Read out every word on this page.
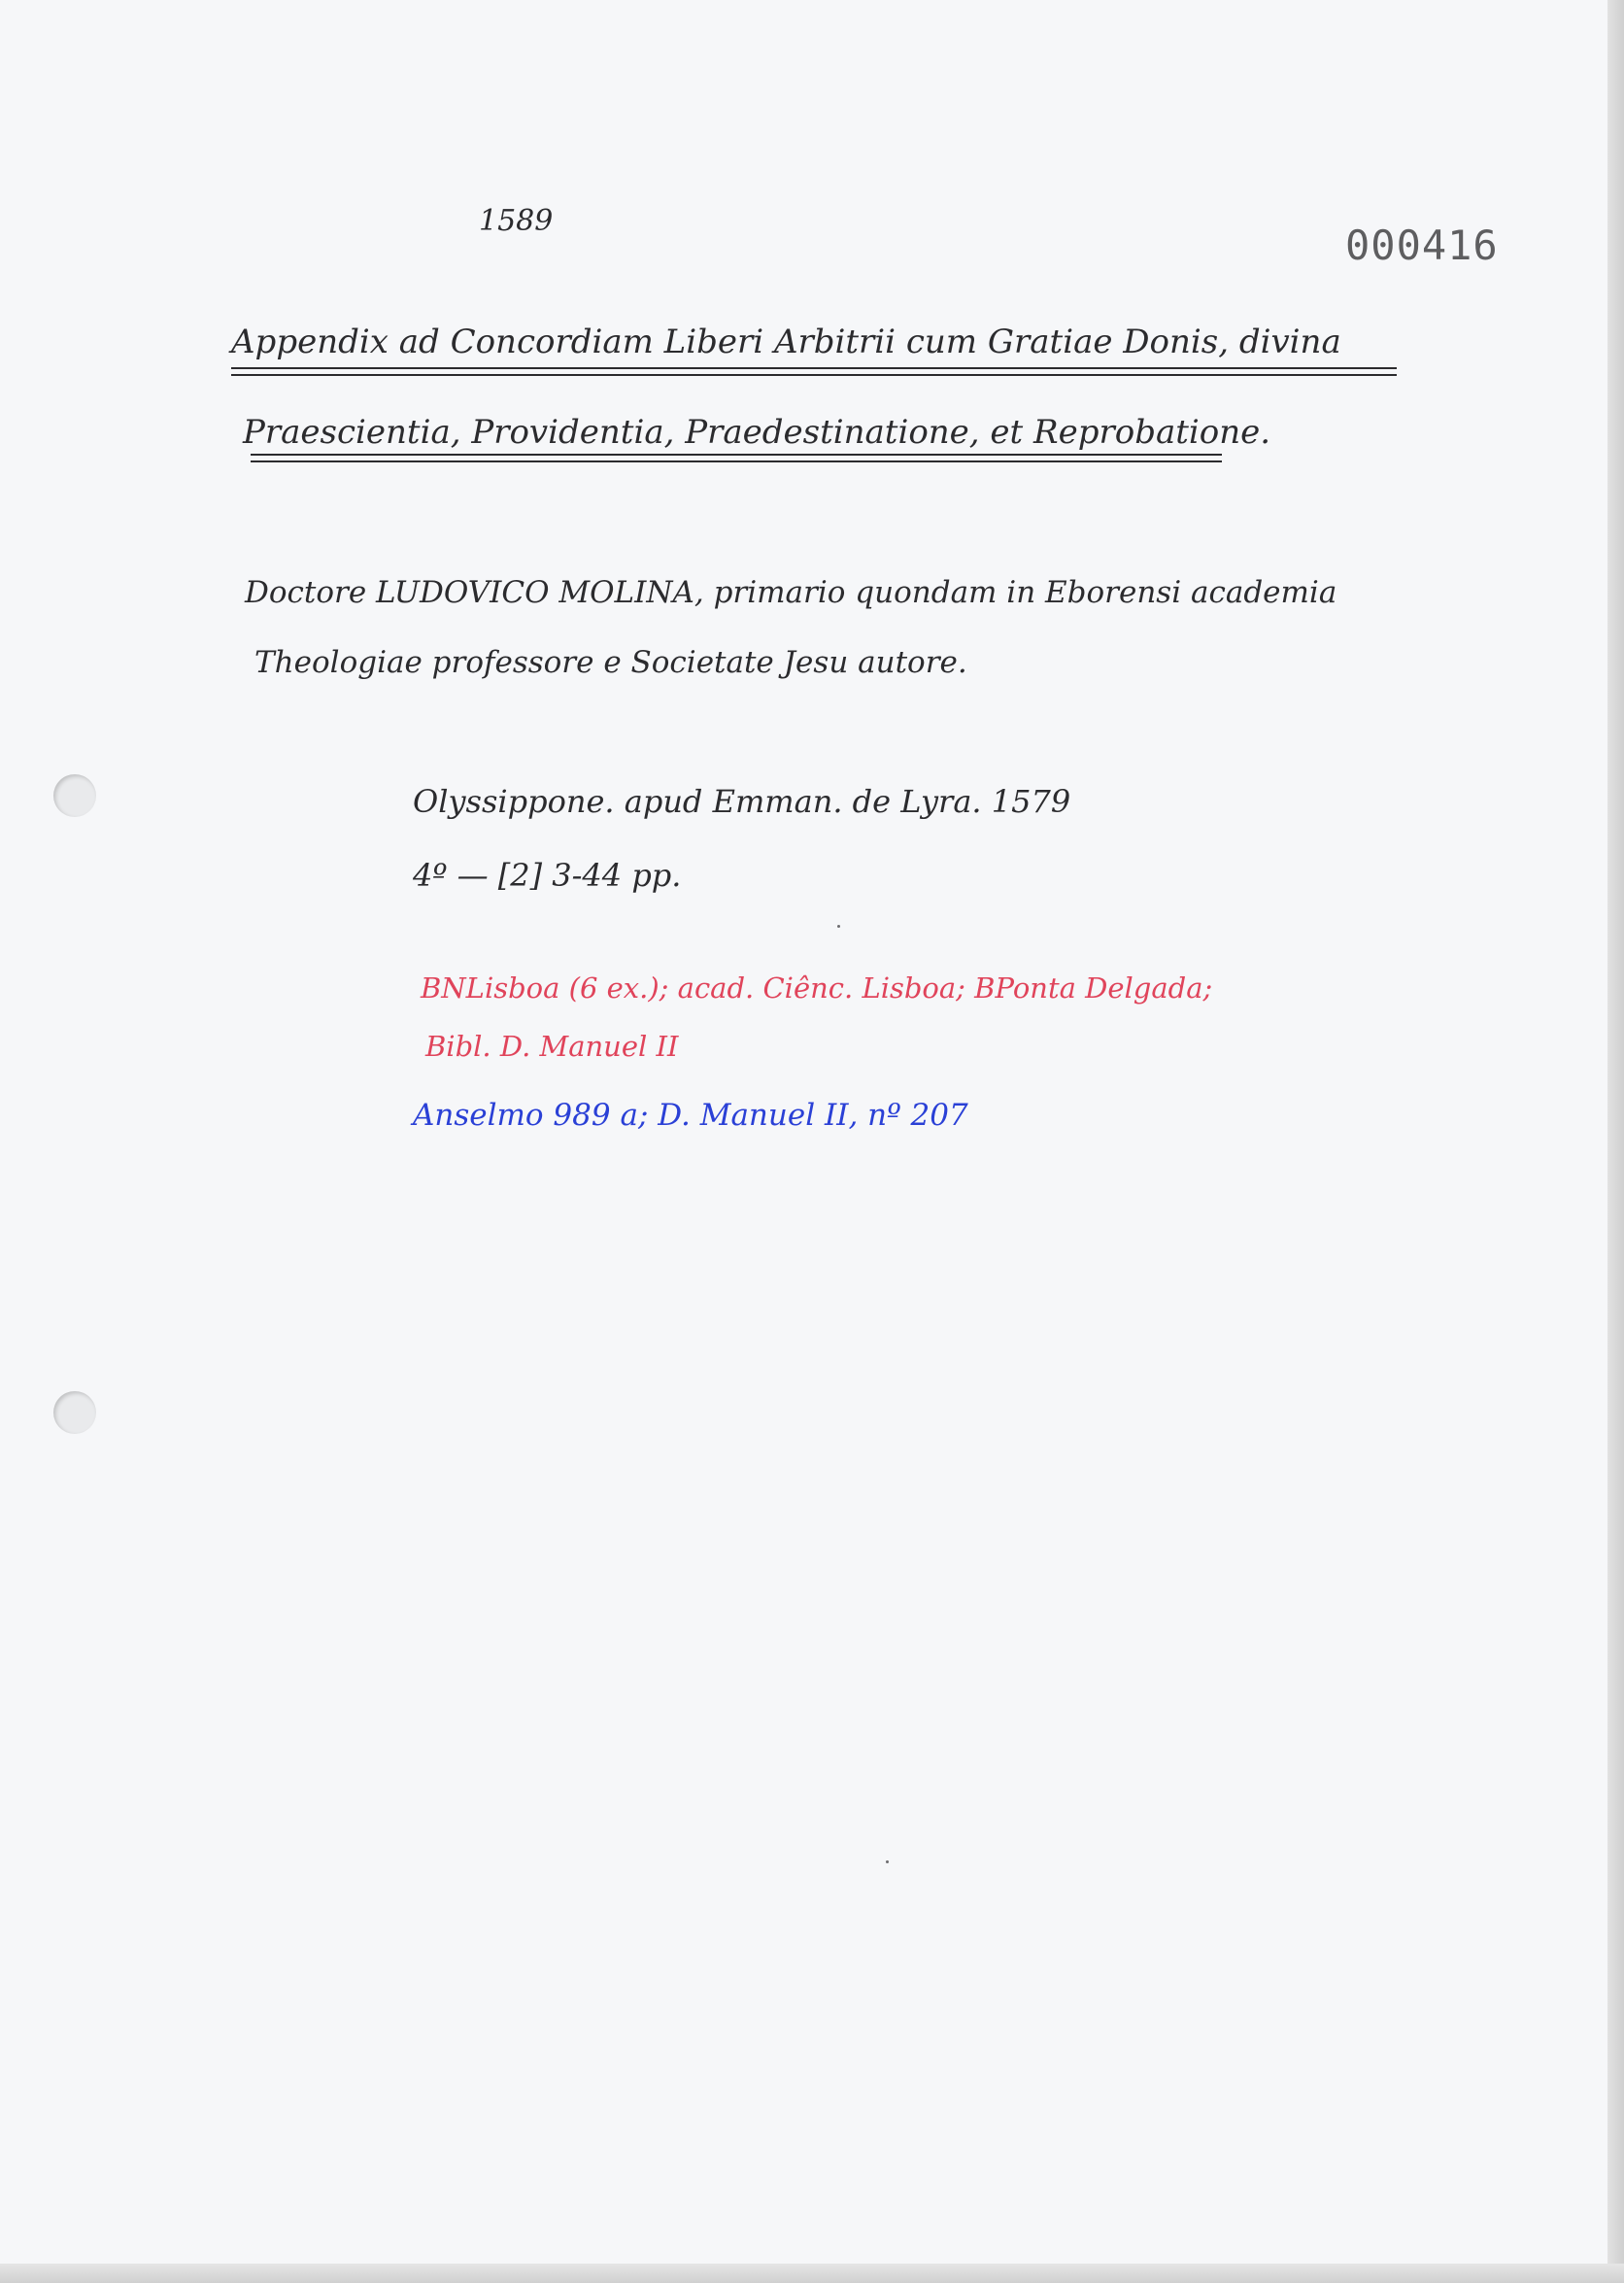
1589

000416

Appendix ad Concordiam Liberi Arbitrii cum Gratiae Donis, divina

Praescientia, Providentia, Praedestinatione, et Reprobatione.

Doctore LUDOVICO MOLINA, primario quondam in Eborensi academia

Theologiae professore e Societate Jesu autore.

Olyssippone. apud Emman. de Lyra. 1579

4º — [2] 3-44 pp.

BNLisboa (6 ex.); acad. Ciênc. Lisboa; BPonta Delgada;

Bibl. D. Manuel II

Anselmo 989 a; D. Manuel II, nº 207
